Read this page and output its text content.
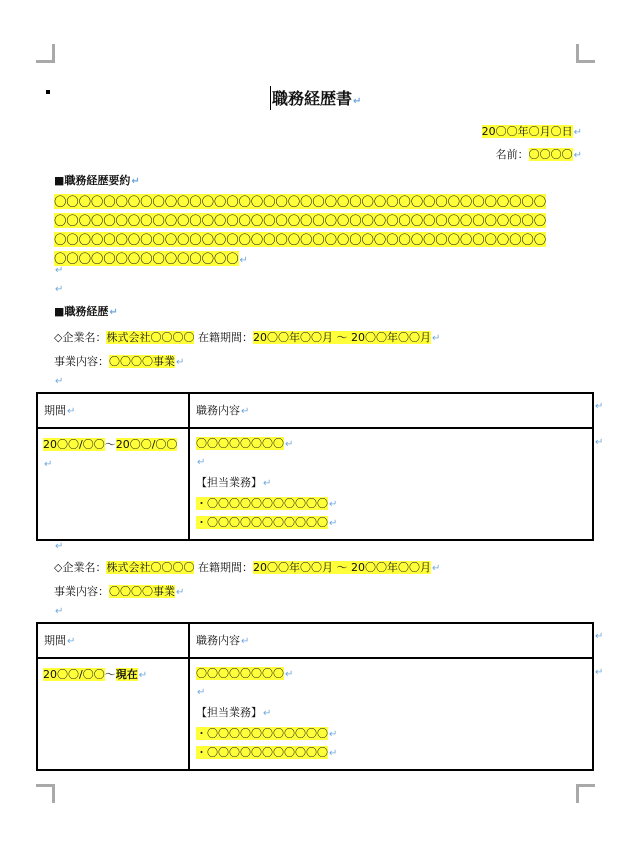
職務経歴書↵
20〇〇年〇月〇日↵
名前：〇〇〇〇↵
■職務経歴要約↵
〇〇〇〇〇〇〇〇〇〇〇〇〇〇〇〇〇〇〇〇〇〇〇〇〇〇〇〇〇〇〇〇〇〇〇〇〇〇〇〇
〇〇〇〇〇〇〇〇〇〇〇〇〇〇〇〇〇〇〇〇〇〇〇〇〇〇〇〇〇〇〇〇〇〇〇〇〇〇〇〇
〇〇〇〇〇〇〇〇〇〇〇〇〇〇〇〇〇〇〇〇〇〇〇〇〇〇〇〇〇〇〇〇〇〇〇〇〇〇〇〇
〇〇〇〇〇〇〇〇〇〇〇〇〇〇〇↵
↵
↵
■職務経歴↵
◇企業名：株式会社〇〇〇〇 在籍期間：20〇〇年〇〇月 〜 20〇〇年〇〇月↵
事業内容：〇〇〇〇事業↵
↵
期間↵	職務内容↵

20〇〇/〇〇～20〇〇/〇〇↵	〇〇〇〇〇〇〇〇↵
↵
【担当業務】↵
・〇〇〇〇〇〇〇〇〇〇〇↵
・〇〇〇〇〇〇〇〇〇〇〇↵
↵
↵
↵
◇企業名：株式会社〇〇〇〇 在籍期間：20〇〇年〇〇月 〜 20〇〇年〇〇月↵
事業内容：〇〇〇〇事業↵
↵
期間↵	職務内容↵

20〇〇/〇〇～現在↵	〇〇〇〇〇〇〇〇↵
↵
【担当業務】↵
・〇〇〇〇〇〇〇〇〇〇〇↵
・〇〇〇〇〇〇〇〇〇〇〇↵
↵
↵
